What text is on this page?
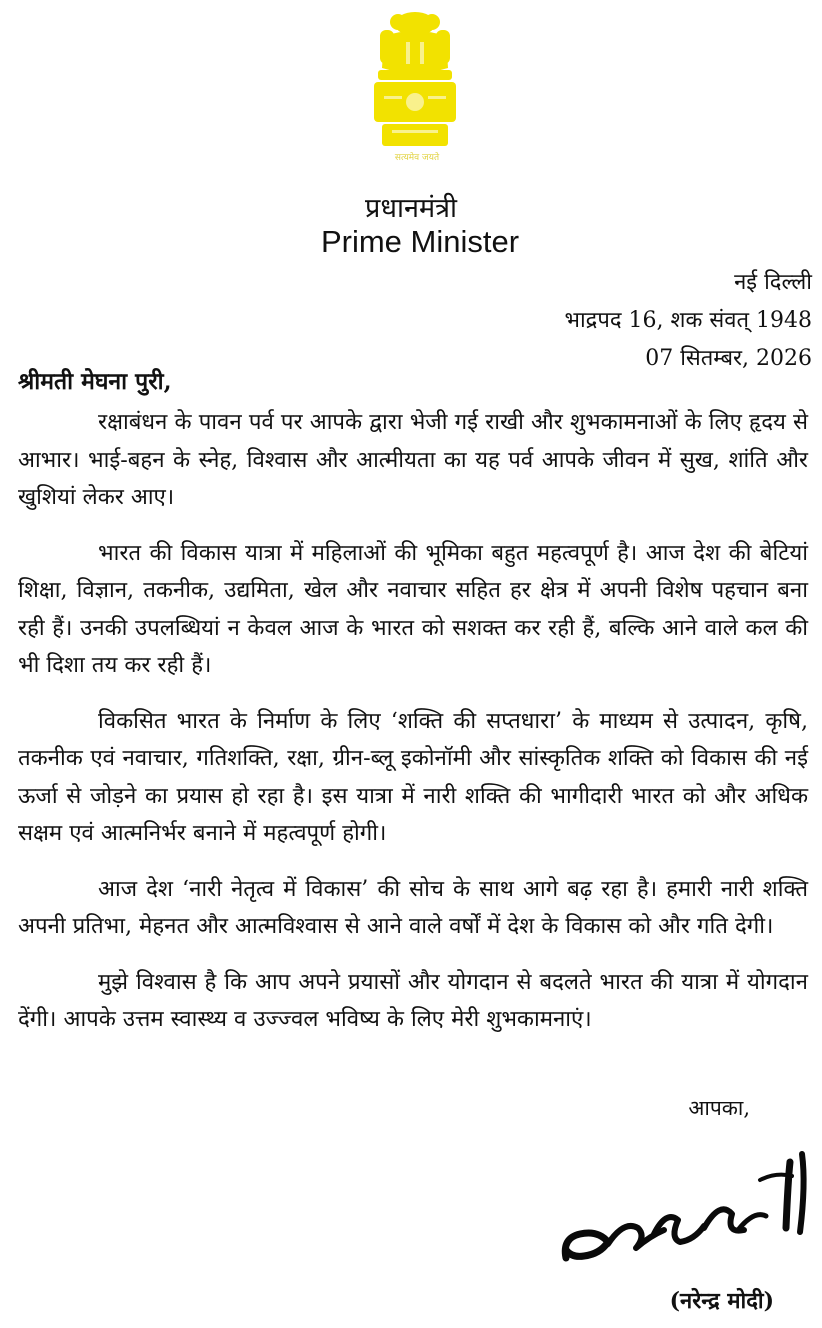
सत्यमेव जयते
प्रधानमंत्री
Prime Minister
नई दिल्ली
भाद्रपद 16, शक संवत् 1948
07 सितम्बर, 2026
श्रीमती मेघना पुरी,

रक्षाबंधन के पावन पर्व पर आपके द्वारा भेजी गई राखी और शुभकामनाओं के लिए हृदय से आभार। भाई-बहन के स्नेह, विश्वास और आत्मीयता का यह पर्व आपके जीवन में सुख, शांति और खुशियां लेकर आए।

भारत की विकास यात्रा में महिलाओं की भूमिका बहुत महत्वपूर्ण है। आज देश की बेटियां शिक्षा, विज्ञान, तकनीक, उद्यमिता, खेल और नवाचार सहित हर क्षेत्र में अपनी विशेष पहचान बना रही हैं। उनकी उपलब्धियां न केवल आज के भारत को सशक्त कर रही हैं, बल्कि आने वाले कल की भी दिशा तय कर रही हैं।

विकसित भारत के निर्माण के लिए ‘शक्ति की सप्तधारा’ के माध्यम से उत्पादन, कृषि, तकनीक एवं नवाचार, गतिशक्ति, रक्षा, ग्रीन-ब्लू इकोनॉमी और सांस्कृतिक शक्ति को विकास की नई ऊर्जा से जोड़ने का प्रयास हो रहा है। इस यात्रा में नारी शक्ति की भागीदारी भारत को और अधिक सक्षम एवं आत्मनिर्भर बनाने में महत्वपूर्ण होगी।

आज देश ‘नारी नेतृत्व में विकास’ की सोच के साथ आगे बढ़ रहा है। हमारी नारी शक्ति अपनी प्रतिभा, मेहनत और आत्मविश्वास से आने वाले वर्षों में देश के विकास को और गति देगी।

मुझे विश्वास है कि आप अपने प्रयासों और योगदान से बदलते भारत की यात्रा में योगदान देंगी। आपके उत्तम स्वास्थ्य व उज्ज्वल भविष्य के लिए मेरी शुभकामनाएं।

आपका,
(नरेन्द्र मोदी)
